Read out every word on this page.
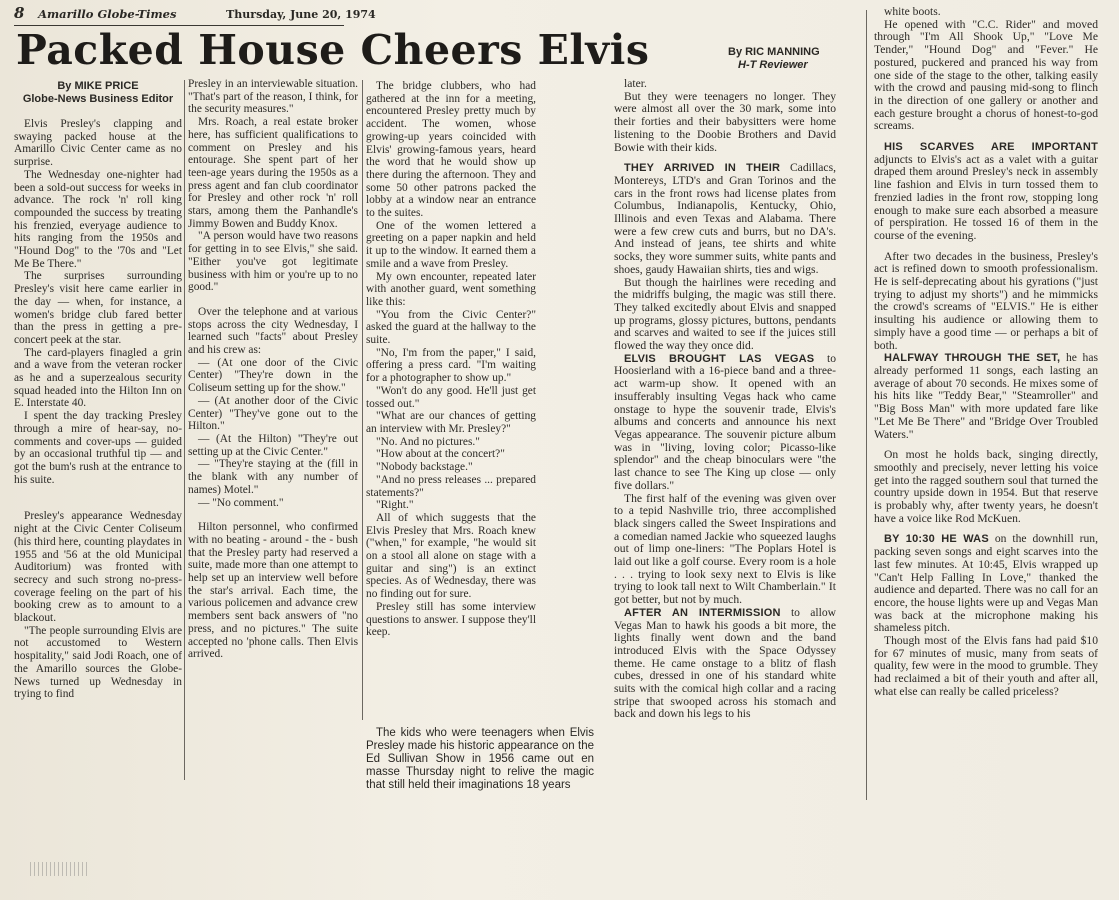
8 Amarillo Globe-Times	Thursday, June 20, 1974
Packed House Cheers Elvis	By RIC MANNING
H-T Reviewer
By MIKE PRICE
Globe-News Business Editor

Elvis Presley's clapping and swaying packed house at the Amarillo Civic Center came as no surprise.

The Wednesday one-nighter had been a sold-out success for weeks in advance. The rock 'n' roll king compounded the success by treating his frenzied, everyage audience to hits ranging from the 1950s and "Hound Dog" to the '70s and "Let Me Be There."

The surprises surrounding Presley's visit here came earlier in the day — when, for instance, a women's bridge club fared better than the press in getting a pre-concert peek at the star.

The card-players finagled a grin and a wave from the veteran rocker as he and a superzealous security squad headed into the Hilton Inn on E. Interstate 40.

I spent the day tracking Presley through a mire of hear-say, no-comments and cover-ups — guided by an occasional truthful tip — and got the bum's rush at the entrance to his suite.

Presley's appearance Wednesday night at the Civic Center Coliseum (his third here, counting playdates in 1955 and '56 at the old Municipal Auditorium) was fronted with secrecy and such strong no-press-coverage feeling on the part of his booking crew as to amount to a blackout.

"The people surrounding Elvis are not accustomed to Western hospitality," said Jodi Roach, one of the Amarillo sources the Globe-News turned up Wednesday in trying to find

Presley in an interviewable situation. "That's part of the reason, I think, for the security measures."

Mrs. Roach, a real estate broker here, has sufficient qualifications to comment on Presley and his entourage. She spent part of her teen-age years during the 1950s as a press agent and fan club coordinator for Presley and other rock 'n' roll stars, among them the Panhandle's Jimmy Bowen and Buddy Knox.

"A person would have two reasons for getting in to see Elvis," she said. "Either you've got legitimate business with him or you're up to no good."

Over the telephone and at various stops across the city Wednesday, I learned such "facts" about Presley and his crew as:

— (At one door of the Civic Center) "They're down in the Coliseum setting up for the show."

— (At another door of the Civic Center) "They've gone out to the Hilton."

— (At the Hilton) "They're out setting up at the Civic Center."

— "They're staying at the (fill in the blank with any number of names) Motel."

— "No comment."

Hilton personnel, who confirmed with no beating - around - the - bush that the Presley party had reserved a suite, made more than one attempt to help set up an interview well before the star's arrival. Each time, the various policemen and advance crew members sent back answers of "no press, and no pictures." The suite accepted no 'phone calls. Then Elvis arrived.

The bridge clubbers, who had gathered at the inn for a meeting, encountered Presley pretty much by accident. The women, whose growing-up years coincided with Elvis' growing-famous years, heard the word that he would show up there during the afternoon. They and some 50 other patrons packed the lobby at a window near an entrance to the suites.

One of the women lettered a greeting on a paper napkin and held it up to the window. It earned them a smile and a wave from Presley.

My own encounter, repeated later with another guard, went something like this:

"You from the Civic Center?" asked the guard at the hallway to the suite.

"No, I'm from the paper," I said, offering a press card. "I'm waiting for a photographer to show up."

"Won't do any good. He'll just get tossed out."

"What are our chances of getting an interview with Mr. Presley?"

"No. And no pictures."

"How about at the concert?"

"Nobody backstage."

"And no press releases ... prepared statements?"

"Right."

All of which suggests that the Elvis Presley that Mrs. Roach knew ("when," for example, "he would sit on a stool all alone on stage with a guitar and sing") is an extinct species. As of Wednesday, there was no finding out for sure.

Presley still has some interview questions to answer. I suppose they'll keep.

The kids who were teenagers when Elvis Presley made his historic appearance on the Ed Sullivan Show in 1956 came out en masse Thursday night to relive the magic that still held their imaginations 18 years

later.

But they were teenagers no longer. They were almost all over the 30 mark, some into their forties and their babysitters were home listening to the Doobie Brothers and David Bowie with their kids.

THEY ARRIVED IN THEIR Cadillacs, Montereys, LTD's and Gran Torinos and the cars in the front rows had license plates from Columbus, Indianapolis, Kentucky, Ohio, Illinois and even Texas and Alabama. There were a few crew cuts and burrs, but no DA's. And instead of jeans, tee shirts and white socks, they wore summer suits, white pants and shoes, gaudy Hawaiian shirts, ties and wigs.

But though the hairlines were receding and the midriffs bulging, the magic was still there. They talked excitedly about Elvis and snapped up programs, glossy pictures, buttons, pendants and scarves and waited to see if the juices still flowed the way they once did.

ELVIS BROUGHT LAS VEGAS to Hoosierland with a 16-piece band and a three-act warm-up show. It opened with an insufferably insulting Vegas hack who came onstage to hype the souvenir trade, Elvis's albums and concerts and announce his next Vegas appearance. The souvenir picture album was in "living, loving color; Picasso-like splendor" and the cheap binoculars were "the last chance to see The King up close — only five dollars."

The first half of the evening was given over to a tepid Nashville trio, three accomplished black singers called the Sweet Inspirations and a comedian named Jackie who squeezed laughs out of limp one-liners: "The Poplars Hotel is laid out like a golf course. Every room is a hole . . . trying to look sexy next to Elvis is like trying to look tall next to Wilt Chamberlain." It got better, but not by much.

AFTER AN INTERMISSION to allow Vegas Man to hawk his goods a bit more, the lights finally went down and the band introduced Elvis with the Space Odyssey theme. He came onstage to a blitz of flash cubes, dressed in one of his standard white suits with the comical high collar and a racing stripe that swooped across his stomach and back and down his legs to his

white boots.

He opened with "C.C. Rider" and moved through "I'm All Shook Up," "Love Me Tender," "Hound Dog" and "Fever." He postured, puckered and pranced his way from one side of the stage to the other, talking easily with the crowd and pausing mid-song to flinch in the direction of one gallery or another and each gesture brought a chorus of honest-to-god screams.

HIS SCARVES ARE IMPORTANT adjuncts to Elvis's act as a valet with a guitar draped them around Presley's neck in assembly line fashion and Elvis in turn tossed them to frenzied ladies in the front row, stopping long enough to make sure each absorbed a measure of perspiration. He tossed 16 of them in the course of the evening.

After two decades in the business, Presley's act is refined down to smooth professionalism. He is self-deprecating about his gyrations ("just trying to adjust my shorts") and he mimmicks the crowd's screams of "ELVIS." He is either insulting his audience or allowing them to simply have a good time — or perhaps a bit of both.

HALFWAY THROUGH THE SET, he has already performed 11 songs, each lasting an average of about 70 seconds. He mixes some of his hits like "Teddy Bear," "Steamroller" and "Big Boss Man" with more updated fare like "Let Me Be There" and "Bridge Over Troubled Waters."

On most he holds back, singing directly, smoothly and precisely, never letting his voice get into the ragged southern soul that turned the country upside down in 1954. But that reserve is probably why, after twenty years, he doesn't have a voice like Rod McKuen.

BY 10:30 HE WAS on the downhill run, packing seven songs and eight scarves into the last few minutes. At 10:45, Elvis wrapped up "Can't Help Falling In Love," thanked the audience and departed. There was no call for an encore, the house lights were up and Vegas Man was back at the microphone making his shameless pitch.

Though most of the Elvis fans had paid $10 for 67 minutes of music, many from seats of quality, few were in the mood to grumble. They had reclaimed a bit of their youth and after all, what else can really be called priceless?
